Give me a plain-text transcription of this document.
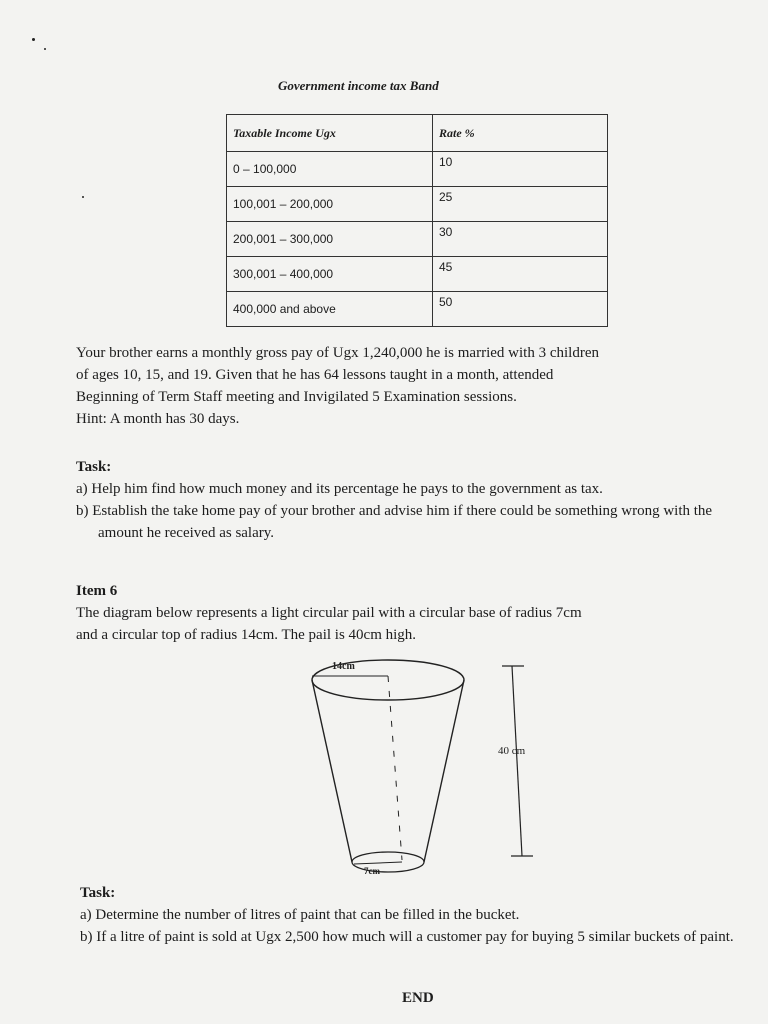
Government income tax Band
Taxable Income Ugx	Rate %
0 – 100,000	10
100,001 – 200,000	25
200,001 – 300,000	30
300,001 – 400,000	45
400,000 and above	50

Your brother earns a monthly gross pay of Ugx 1,240,000 he is married with 3 children

of ages 10, 15, and 19. Given that he has 64 lessons taught in a month, attended

Beginning of Term Staff meeting and Invigilated 5 Examination sessions.

Hint: A month has 30 days.

Task:

a) Help him find how much money and its percentage he pays to the government as tax.
b) Establish the take home pay of your brother and advise him if there could be something wrong with the amount he received as salary.

Item 6

The diagram below represents a light circular pail with a circular base of radius 7cm

and a circular top of radius 14cm. The pail is 40cm high.

14cm
7cm
40 cm

Task:

a) Determine the number of litres of paint that can be filled in the bucket.
b) If a litre of paint is sold at Ugx 2,500 how much will a customer pay for buying 5 similar buckets of paint.
END
